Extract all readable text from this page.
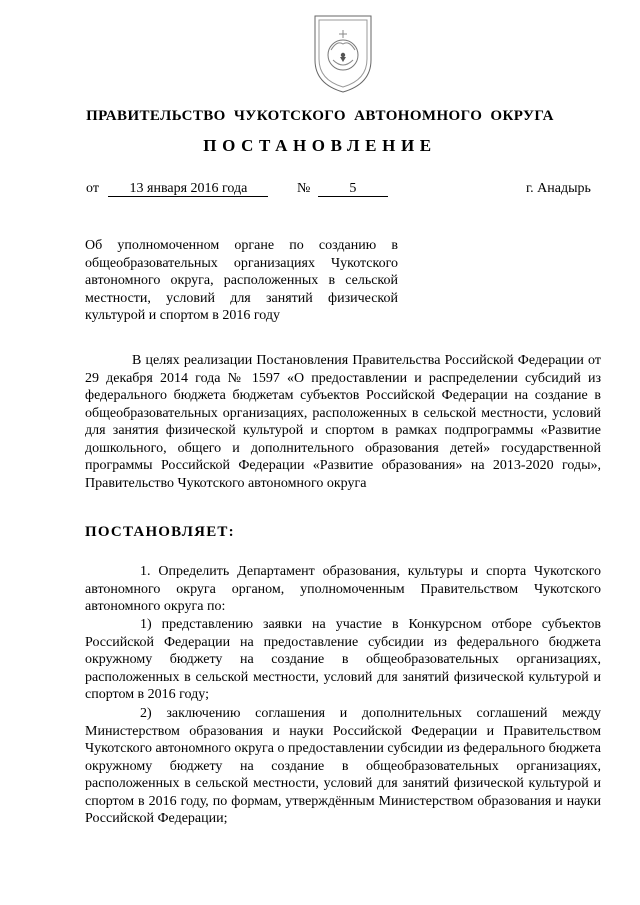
ПРАВИТЕЛЬСТВО ЧУКОТСКОГО АВТОНОМНОГО ОКРУГА
ПОСТАНОВЛЕНИЕ
от 13 января 2016 года	№	5	г. Анадырь
Об уполномоченном органе по созданию в общеобразовательных организациях Чукотского автономного округа, расположенных в сельской местности, условий для занятий физической культурой и спортом в 2016 году
В целях реализации Постановления Правительства Российской Федерации от 29 декабря 2014 года № 1597 «О предоставлении и распределении субсидий из федерального бюджета бюджетам субъектов Российской Федерации на создание в общеобразовательных организациях, расположенных в сельской местности, условий для занятия физической культурой и спортом в рамках подпрограммы «Развитие дошкольного, общего и дополнительного образования детей» государственной программы Российской Федерации «Развитие образования» на 2013-2020 годы», Правительство Чукотского автономного округа
ПОСТАНОВЛЯЕТ:
1. Определить Департамент образования, культуры и спорта Чукотского автономного округа органом, уполномоченным Правительством Чукотского автономного округа по:
1) представлению заявки на участие в Конкурсном отборе субъектов Российской Федерации на предоставление субсидии из федерального бюджета окружному бюджету на создание в общеобразовательных организациях, расположенных в сельской местности, условий для занятий физической культурой и спортом в 2016 году;
2) заключению соглашения и дополнительных соглашений между Министерством образования и науки Российской Федерации и Правительством Чукотского автономного округа о предоставлении субсидии из федерального бюджета окружному бюджету на создание в общеобразовательных организациях, расположенных в сельской местности, условий для занятий физической культурой и спортом в 2016 году, по формам, утверждённым Министерством образования и науки Российской Федерации;
